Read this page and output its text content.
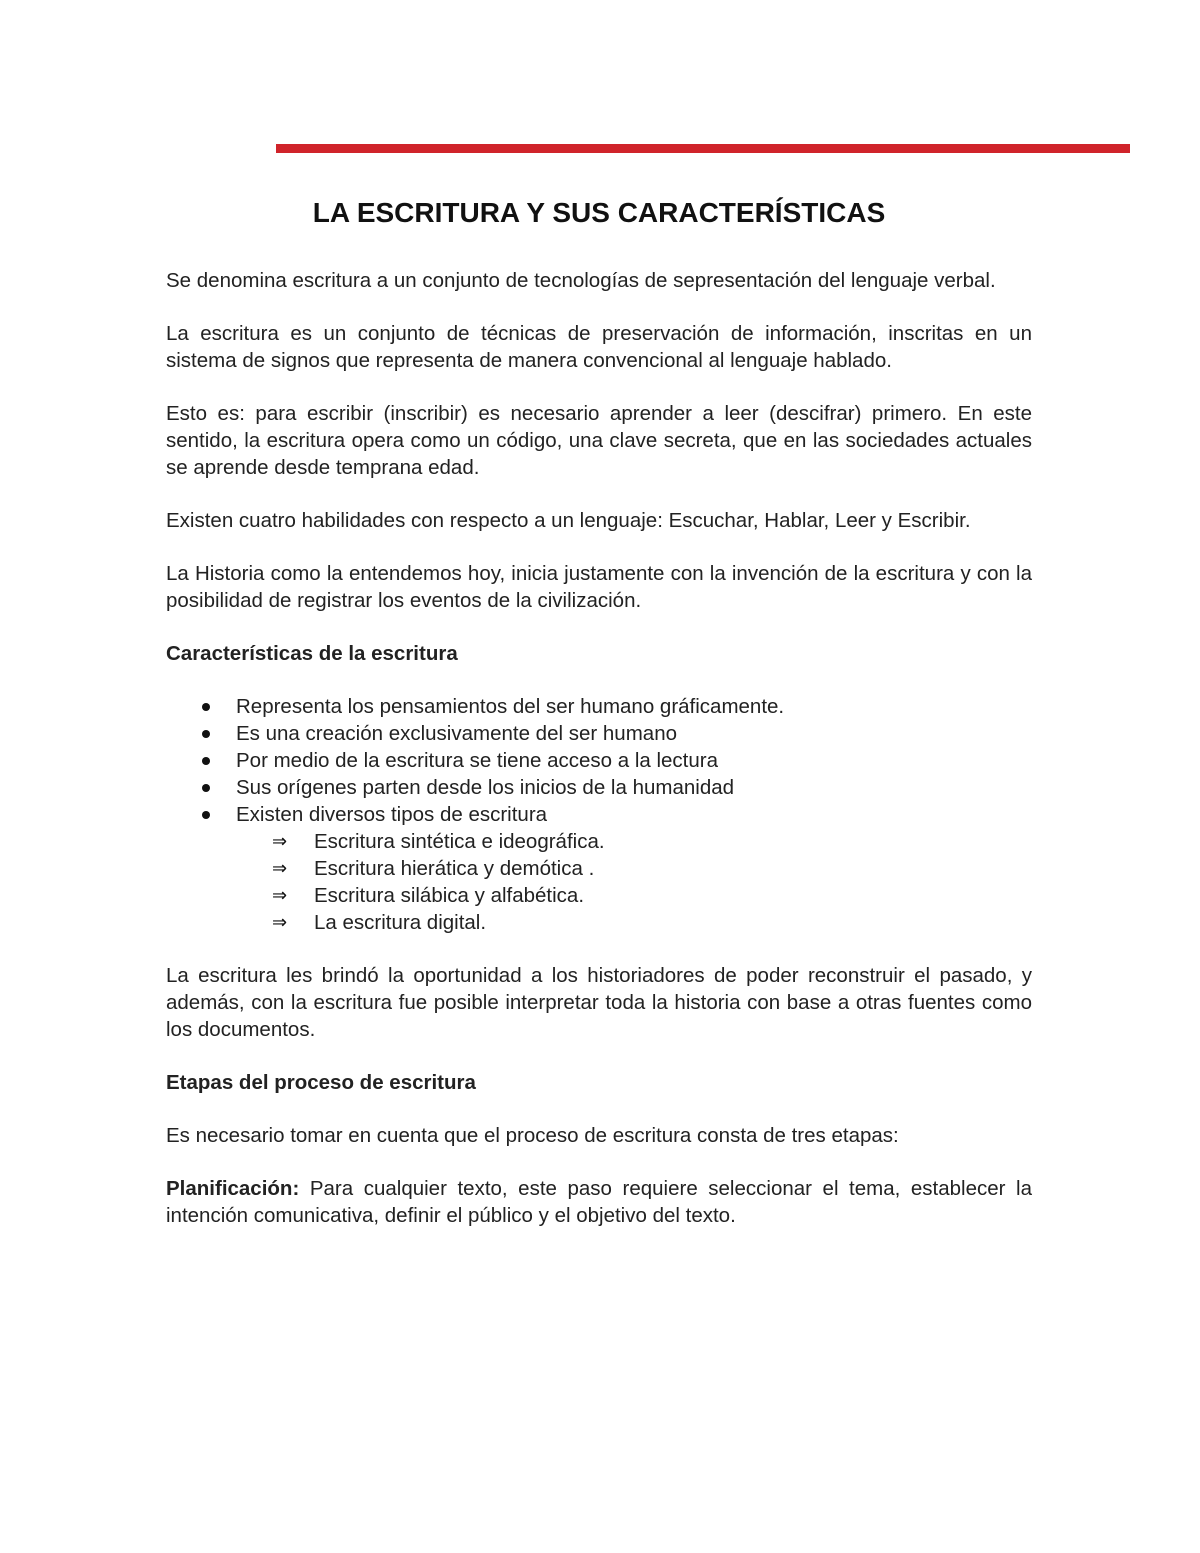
LA ESCRITURA Y SUS CARACTERÍSTICAS

Se denomina escritura a un conjunto de tecnologías de sepresentación del lenguaje verbal.

La escritura es un conjunto de técnicas de preservación de información, inscritas en un sistema de signos que representa de manera convencional al lenguaje hablado.

Esto es: para escribir (inscribir) es necesario aprender a leer (descifrar) primero. En este sentido, la escritura opera como un código, una clave secreta, que en las sociedades actuales se aprende desde temprana edad.

Existen cuatro habilidades con respecto a un lenguaje: Escuchar, Hablar, Leer y Escribir.

La Historia como la entendemos hoy, inicia justamente con la invención de la escritura y con la posibilidad de registrar los eventos de la civilización.

Características de la escritura

Representa los pensamientos del ser humano gráficamente.
Es una creación exclusivamente del ser humano
Por medio de la escritura se tiene acceso a la lectura
Sus orígenes parten desde los inicios de la humanidad
Existen diversos tipos de escritura
⇒ Escritura sintética e ideográfica.
⇒ Escritura hierática y demótica .
⇒ Escritura silábica y alfabética.
⇒ La escritura digital.

La escritura les brindó la oportunidad a los historiadores de poder reconstruir el pasado, y además, con la escritura fue posible interpretar toda la historia con base a otras fuentes como los documentos.

Etapas del proceso de escritura

Es necesario tomar en cuenta que el proceso de escritura consta de tres etapas:

Planificación: Para cualquier texto, este paso requiere seleccionar el tema, establecer la intención comunicativa, definir el público y el objetivo del texto.
